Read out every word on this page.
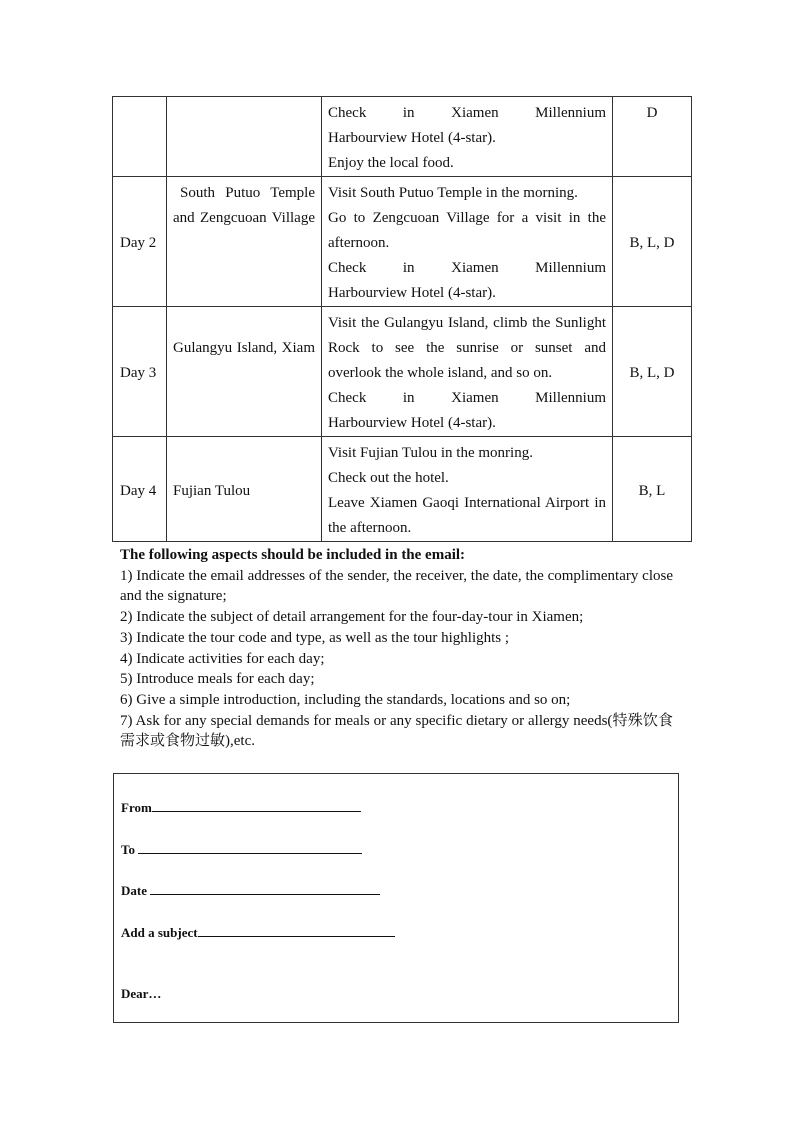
		Check in Xiamen Millennium
Harbourview Hotel (4-star).
Enjoy the local food.	D
Day 2	South Putuo Temple and Zengcuoan Village	Visit South Putuo Temple in the morning.
Go to Zengcuoan Village for a visit in the afternoon.
Check in Xiamen Millennium
Harbourview Hotel (4-star).	B, L, D
Day 3	Gulangyu Island, Xiam	Visit the Gulangyu Island, climb the Sunlight Rock to see the sunrise or sunset and overlook the whole island, and so on.
Check in Xiamen Millennium
Harbourview Hotel (4-star).	B, L, D
Day 4	Fujian Tulou	Visit Fujian Tulou in the monring.
Check out the hotel.
Leave Xiamen Gaoqi International Airport in the afternoon.	B, L
The following aspects should be included in the email:
1) Indicate the email addresses of the sender, the receiver, the date, the complimentary close and the signature;
2) Indicate the subject of detail arrangement for the four-day-tour in Xiamen;
3) Indicate the tour code and type, as well as the tour highlights ;
4) Indicate activities for each day;
5) Introduce meals for each day;
6) Give a simple introduction, including the standards, locations and so on;
7) Ask for any special demands for meals or any specific dietary or allergy needs(特殊饮食需求或食物过敏),etc.
From
To
Date
Add a subject
Dear…
